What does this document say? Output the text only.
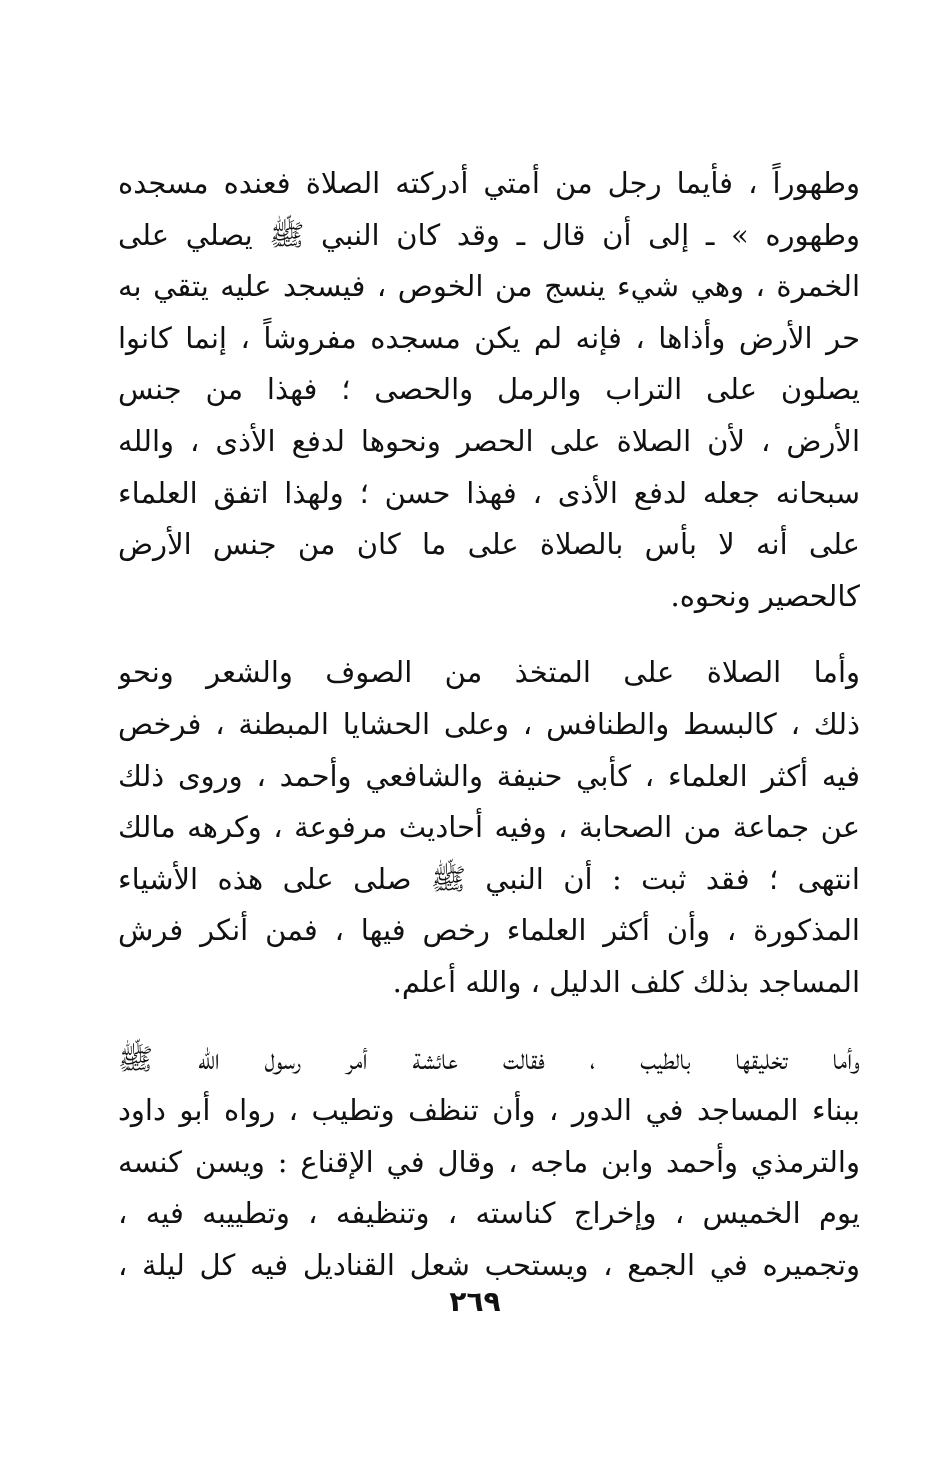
وطهوراً ، فأيما رجل من أمتي أدركته الصلاة فعنده مسجده
وطهوره » ـ إلى أن قال ـ وقد كان النبي ﷺ يصلي على
الخمرة ، وهي شيء ينسج من الخوص ، فيسجد عليه يتقي به
حر الأرض وأذاها ، فإنه لم يكن مسجده مفروشاً ، إنما كانوا
يصلون على التراب والرمل والحصى ؛ فهذا من جنس
الأرض ، لأن الصلاة على الحصر ونحوها لدفع الأذى ، والله
سبحانه جعله لدفع الأذى ، فهذا حسن ؛ ولهذا اتفق العلماء
على أنه لا بأس بالصلاة على ما كان من جنس الأرض
كالحصير ونحوه.
وأما الصلاة على المتخذ من الصوف والشعر ونحو
ذلك ، كالبسط والطنافس ، وعلى الحشايا المبطنة ، فرخص
فيه أكثر العلماء ، كأبي حنيفة والشافعي وأحمد ، وروى ذلك
عن جماعة من الصحابة ، وفيه أحاديث مرفوعة ، وكرهه مالك
انتهى ؛ فقد ثبت : أن النبي ﷺ صلى على هذه الأشياء
المذكورة ، وأن أكثر العلماء رخص فيها ، فمن أنكر فرش
المساجد بذلك كلف الدليل ، والله أعلم.
وأما تخليقها بالطيب ، فقالت عائشة أمر رسول الله ﷺ
ببناء المساجد في الدور ، وأن تنظف وتطيب ، رواه أبو داود
والترمذي وأحمد وابن ماجه ، وقال في الإقناع : ويسن كنسه
يوم الخميس ، وإخراج كناسته ، وتنظيفه ، وتطييبه فيه ،
وتجميره في الجمع ، ويستحب شعل القناديل فيه كل ليلة ،
٢٦٩
